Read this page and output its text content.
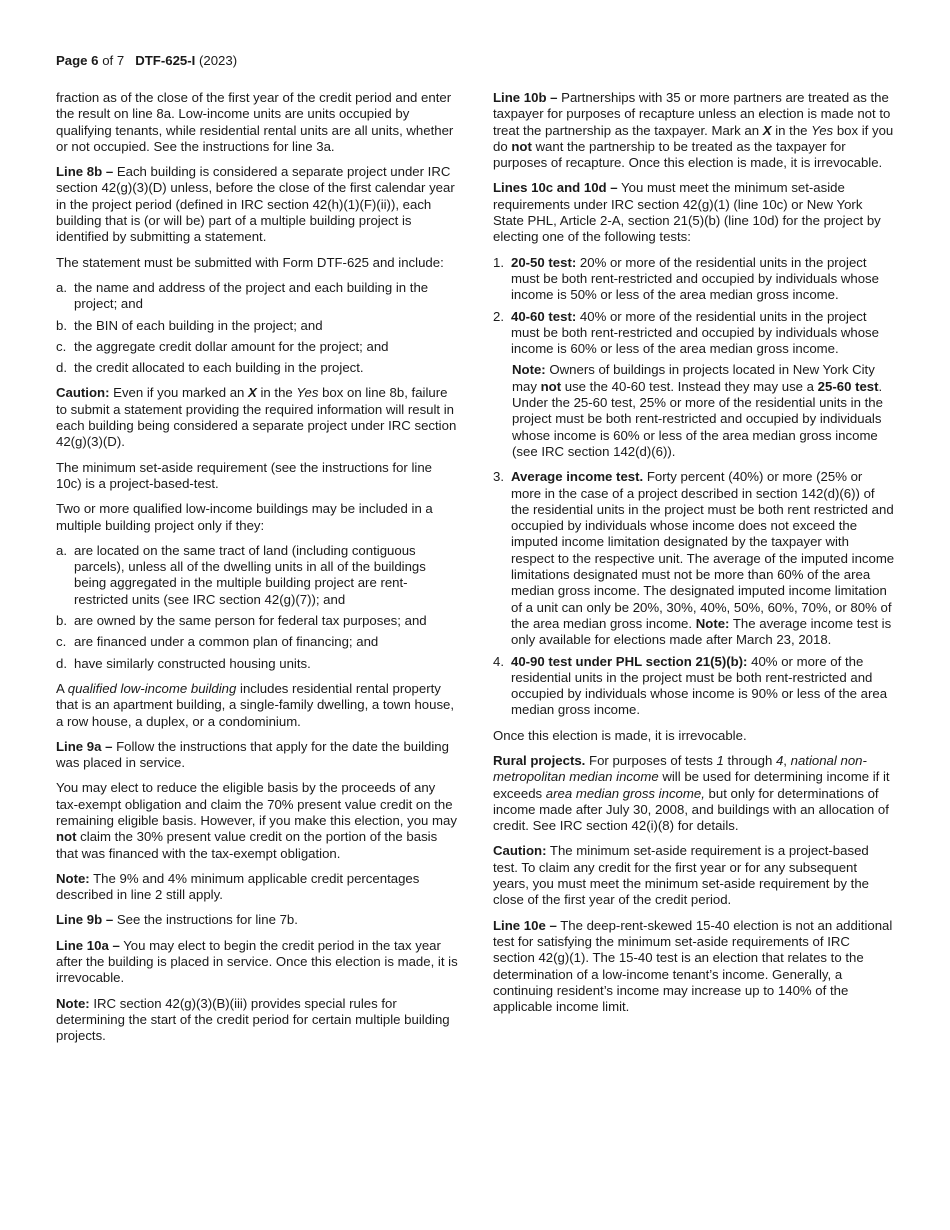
Page 6 of 7 DTF-625-I (2023)

fraction as of the close of the first year of the credit period and enter the result on line 8a. Low-income units are units occupied by qualifying tenants, while residential rental units are all units, whether or not occupied. See the instructions for line 3a.

Line 8b – Each building is considered a separate project under IRC section 42(g)(3)(D) unless, before the close of the first calendar year in the project period (defined in IRC section 42(h)(1)(F)(ii)), each building that is (or will be) part of a multiple building project is identified by submitting a statement.

The statement must be submitted with Form DTF-625 and include:

a. the name and address of the project and each building in the project; and
b. the BIN of each building in the project; and
c. the aggregate credit dollar amount for the project; and
d. the credit allocated to each building in the project.

Caution: Even if you marked an X in the Yes box on line 8b, failure to submit a statement providing the required information will result in each building being considered a separate project under IRC section 42(g)(3)(D).

The minimum set-aside requirement (see the instructions for line 10c) is a project-based-test.

Two or more qualified low-income buildings may be included in a multiple building project only if they:

a. are located on the same tract of land (including contiguous parcels), unless all of the dwelling units in all of the buildings being aggregated in the multiple building project are rent-restricted units (see IRC section 42(g)(7)); and
b. are owned by the same person for federal tax purposes; and
c. are financed under a common plan of financing; and
d. have similarly constructed housing units.

A qualified low-income building includes residential rental property that is an apartment building, a single-family dwelling, a town house, a row house, a duplex, or a condominium.

Line 9a – Follow the instructions that apply for the date the building was placed in service.

You may elect to reduce the eligible basis by the proceeds of any tax-exempt obligation and claim the 70% present value credit on the remaining eligible basis. However, if you make this election, you may not claim the 30% present value credit on the portion of the basis that was financed with the tax-exempt obligation.

Note: The 9% and 4% minimum applicable credit percentages described in line 2 still apply.

Line 9b – See the instructions for line 7b.

Line 10a – You may elect to begin the credit period in the tax year after the building is placed in service. Once this election is made, it is irrevocable.

Note: IRC section 42(g)(3)(B)(iii) provides special rules for determining the start of the credit period for certain multiple building projects.

Line 10b – Partnerships with 35 or more partners are treated as the taxpayer for purposes of recapture unless an election is made not to treat the partnership as the taxpayer. Mark an X in the Yes box if you do not want the partnership to be treated as the taxpayer for purposes of recapture. Once this election is made, it is irrevocable.

Lines 10c and 10d – You must meet the minimum set-aside requirements under IRC section 42(g)(1) (line 10c) or New York State PHL, Article 2-A, section 21(5)(b) (line 10d) for the project by electing one of the following tests:

1. 20-50 test: 20% or more of the residential units in the project must be both rent-restricted and occupied by individuals whose income is 50% or less of the area median gross income.
2. 40-60 test: 40% or more of the residential units in the project must be both rent-restricted and occupied by individuals whose income is 60% or less of the area median gross income.

Note: Owners of buildings in projects located in New York City may not use the 40-60 test. Instead they may use a 25-60 test. Under the 25-60 test, 25% or more of the residential units in the project must be both rent-restricted and occupied by individuals whose income is 60% or less of the area median gross income (see IRC section 142(d)(6)).

3. Average income test. Forty percent (40%) or more (25% or more in the case of a project described in section 142(d)(6)) of the residential units in the project must be both rent restricted and occupied by individuals whose income does not exceed the imputed income limitation designated by the taxpayer with respect to the respective unit. The average of the imputed income limitations designated must not be more than 60% of the area median gross income. The designated imputed income limitation of a unit can only be 20%, 30%, 40%, 50%, 60%, 70%, or 80% of the area median gross income. Note: The average income test is only available for elections made after March 23, 2018.
4. 40-90 test under PHL section 21(5)(b): 40% or more of the residential units in the project must be both rent-restricted and occupied by individuals whose income is 90% or less of the area median gross income.

Once this election is made, it is irrevocable.

Rural projects. For purposes of tests 1 through 4, national non-metropolitan median income will be used for determining income if it exceeds area median gross income, but only for determinations of income made after July 30, 2008, and buildings with an allocation of credit. See IRC section 42(i)(8) for details.

Caution: The minimum set-aside requirement is a project-based test. To claim any credit for the first year or for any subsequent years, you must meet the minimum set-aside requirement by the close of the first year of the credit period.

Line 10e – The deep-rent-skewed 15-40 election is not an additional test for satisfying the minimum set-aside requirements of IRC section 42(g)(1). The 15-40 test is an election that relates to the determination of a low-income tenant’s income. Generally, a continuing resident’s income may increase up to 140% of the applicable income limit.
